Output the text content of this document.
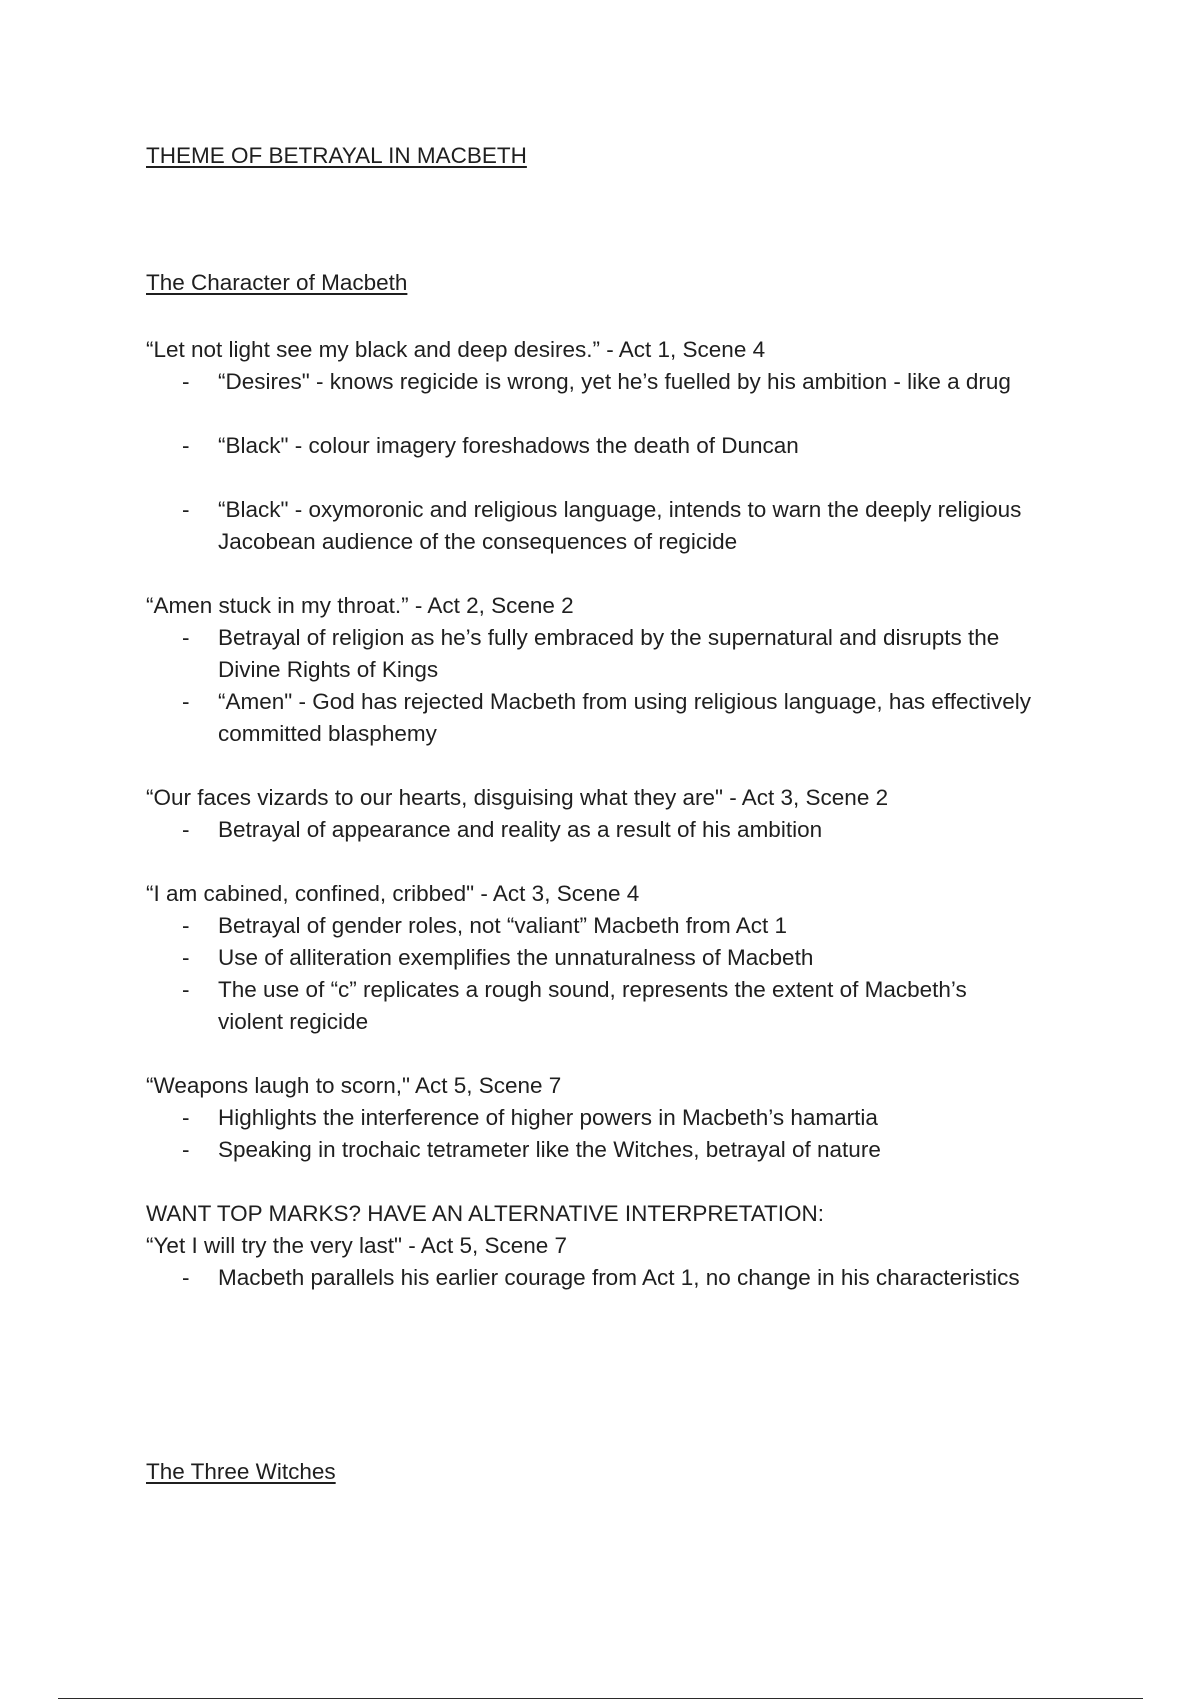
THEME OF BETRAYAL IN MACBETH
The Character of Macbeth

“Let not light see my black and deep desires.” - Act 1, Scene 4

- “Desires" - knows regicide is wrong, yet he’s fuelled by his ambition - like a drug
- “Black" - colour imagery foreshadows the death of Duncan
- “Black" - oxymoronic and religious language, intends to warn the deeply religious Jacobean audience of the consequences of regicide

“Amen stuck in my throat.” - Act 2, Scene 2

- Betrayal of religion as he’s fully embraced by the supernatural and disrupts the Divine Rights of Kings
- “Amen" - God has rejected Macbeth from using religious language, has effectively committed blasphemy

“Our faces vizards to our hearts, disguising what they are" - Act 3, Scene 2

- Betrayal of appearance and reality as a result of his ambition

“I am cabined, confined, cribbed" - Act 3, Scene 4

- Betrayal of gender roles, not “valiant” Macbeth from Act 1
- Use of alliteration exemplifies the unnaturalness of Macbeth
- The use of “c” replicates a rough sound, represents the extent of Macbeth’s violent regicide

“Weapons laugh to scorn," Act 5, Scene 7

- Highlights the interference of higher powers in Macbeth’s hamartia
- Speaking in trochaic tetrameter like the Witches, betrayal of nature

WANT TOP MARKS? HAVE AN ALTERNATIVE INTERPRETATION:

“Yet I will try the very last" - Act 5, Scene 7

- Macbeth parallels his earlier courage from Act 1, no change in his characteristics
The Three Witches
